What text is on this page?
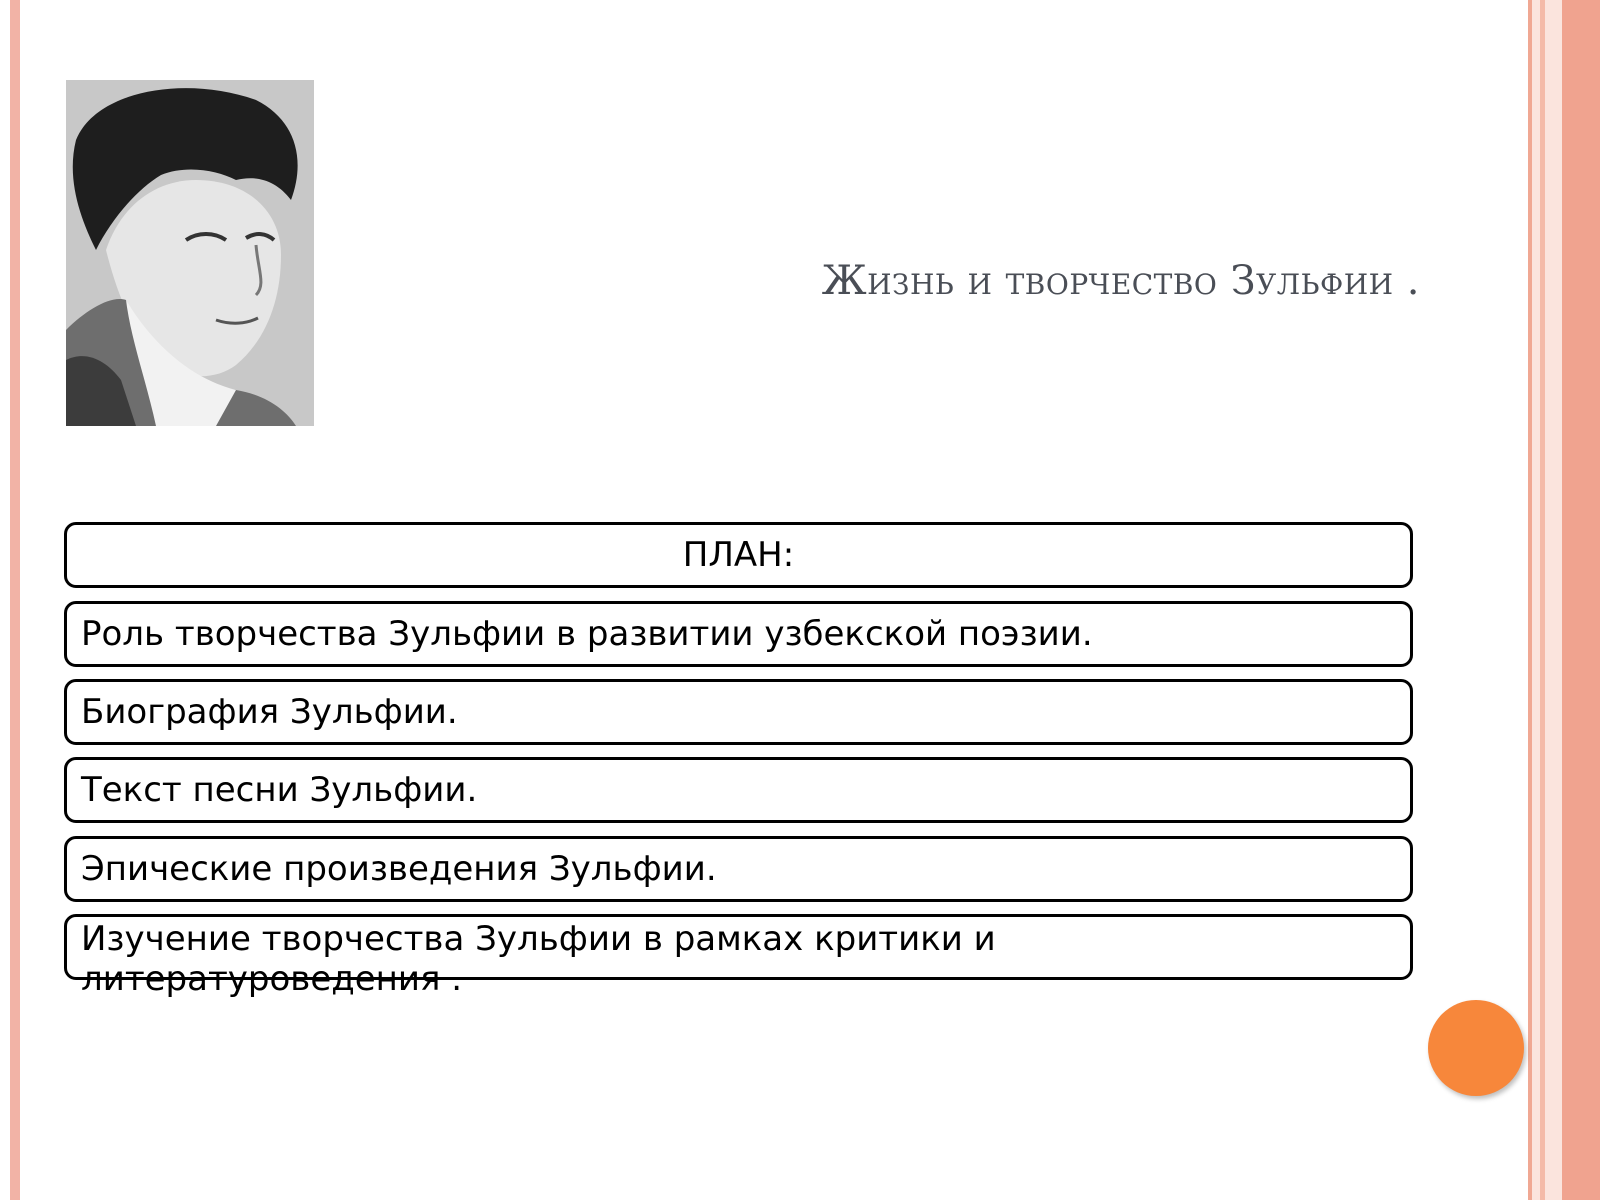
Жизнь и творчество Зульфии .
ПЛАН:
Роль творчества Зульфии в развитии узбекской поэзии.
Биография Зульфии.
Текст песни Зульфии.
Эпические произведения Зульфии.
Изучение творчества Зульфии в рамках критики и литературоведения .
